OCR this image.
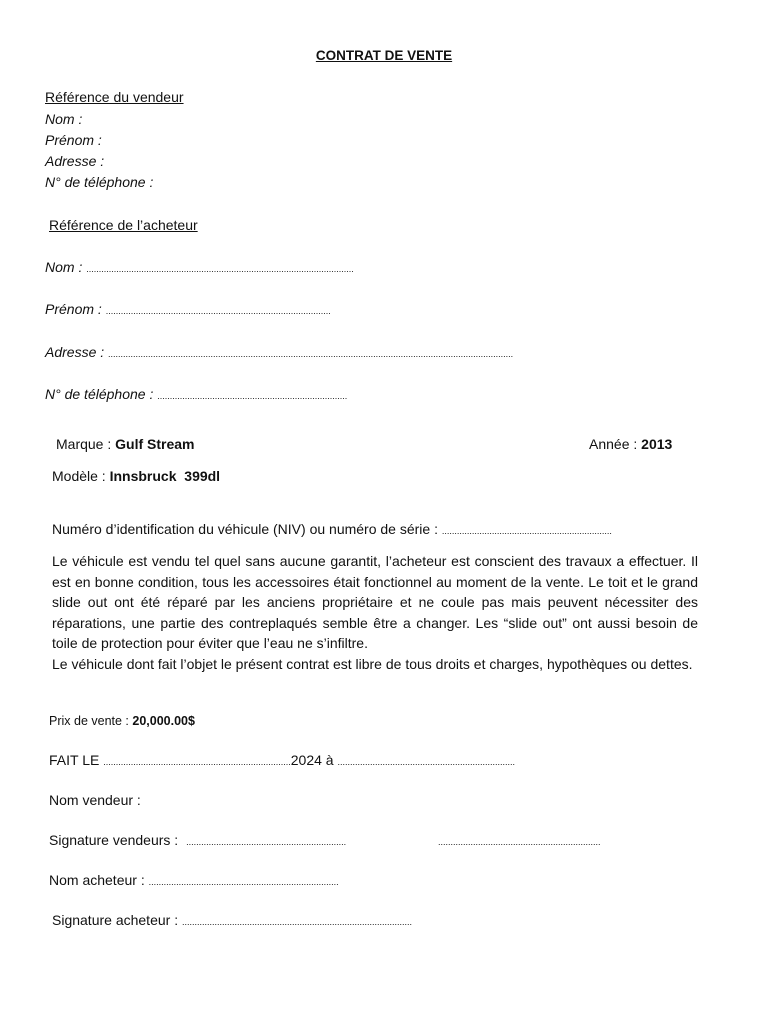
CONTRAT DE VENTE
Référence du vendeur
Nom :
Prénom :
Adresse :
N° de téléphone :
Référence de l’acheteur
Nom : ...........................................................................................................
Prénom : ..........................................................................................
Adresse : ..................................................................................................................................................................
N° de téléphone : ............................................................................
Marque : Gulf Stream	Année : 2013
Modèle : Innsbruck  399dl
Numéro d’identification du véhicule (NIV) ou numéro de série : ....................................................................

Le véhicule est vendu tel quel sans aucune garantit, l’acheteur est conscient des travaux a effectuer. Il est en bonne condition, tous les accessoires était fonctionnel au moment de la vente. Le toit et le grand slide out ont été réparé par les anciens propriétaire et ne coule pas mais peuvent nécessiter des réparations, une partie des contreplaqués semble être a changer. Les “slide out” ont aussi besoin de toile de protection pour éviter que l’eau ne s’infiltre.

Le véhicule dont fait l’objet le présent contrat est libre de tous droits et charges, hypothèques ou dettes.

Prix de vente : 20,000.00$
FAIT LE ...........................................................................2024 à .......................................................................
Nom vendeur :
Signature vendeurs : ................................................................	.................................................................
Nom acheteur : ............................................................................
Signature acheteur : ............................................................................................
